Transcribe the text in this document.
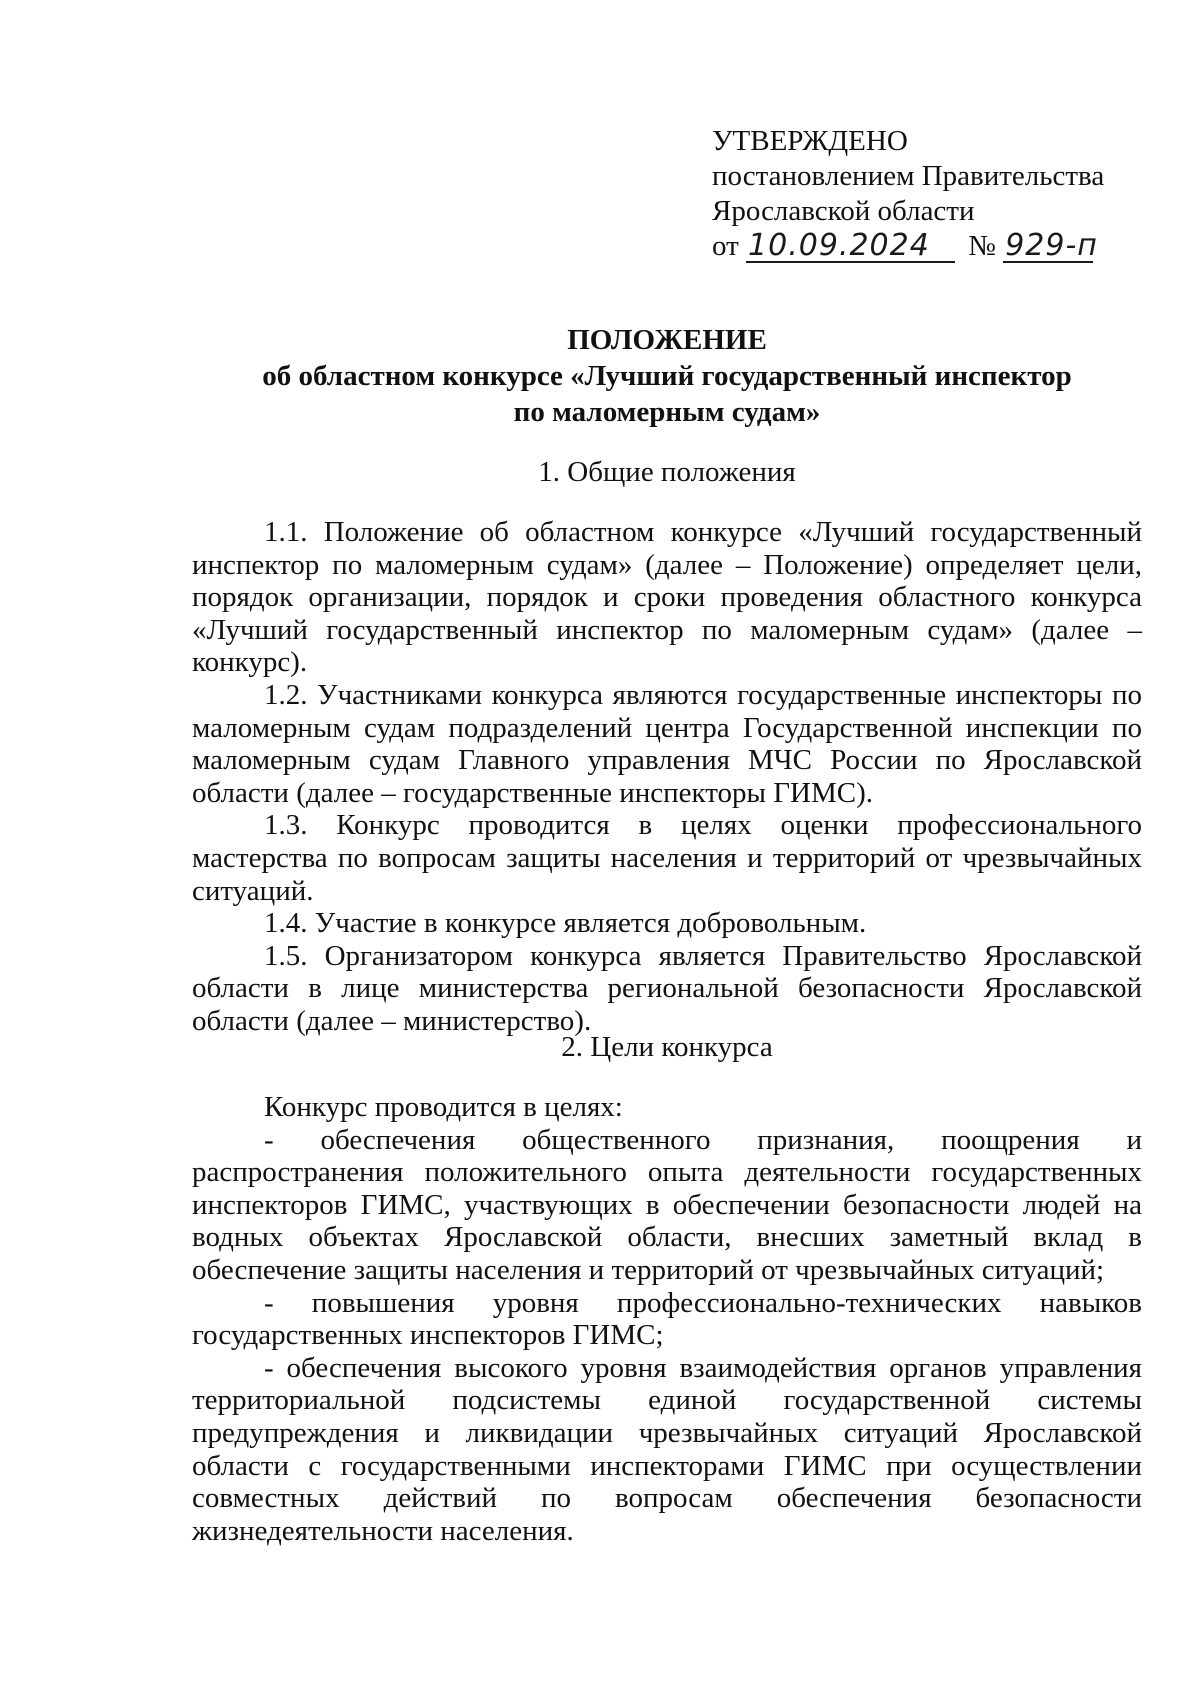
УТВЕРЖДЕНО
постановлением Правительства
Ярославской области
от 10.09.2024 № 929-п
ПОЛОЖЕНИЕ
об областном конкурсе «Лучший государственный инспектор
по маломерным судам»
1. Общие положения

1.1. Положение об областном конкурсе «Лучший государственный инспектор по маломерным судам» (далее – Положение) определяет цели, порядок организации, порядок и сроки проведения областного конкурса «Лучший государственный инспектор по маломерным судам» (далее – конкурс).

1.2. Участниками конкурса являются государственные инспекторы по маломерным судам подразделений центра Государственной инспекции по маломерным судам Главного управления МЧС России по Ярославской области (далее – государственные инспекторы ГИМС).

1.3. Конкурс проводится в целях оценки профессионального мастерства по вопросам защиты населения и территорий от чрезвычайных ситуаций.

1.4. Участие в конкурсе является добровольным.

1.5. Организатором конкурса является Правительство Ярославской области в лице министерства региональной безопасности Ярославской области (далее – министерство).

2. Цели конкурса

Конкурс проводится в целях:

- обеспечения общественного признания, поощрения и распространения положительного опыта деятельности государственных инспекторов ГИМС, участвующих в обеспечении безопасности людей на водных объектах Ярославской области, внесших заметный вклад в обеспечение защиты населения и территорий от чрезвычайных ситуаций;

- повышения уровня профессионально-технических навыков государственных инспекторов ГИМС;

- обеспечения высокого уровня взаимодействия органов управления территориальной подсистемы единой государственной системы предупреждения и ликвидации чрезвычайных ситуаций Ярославской области с государственными инспекторами ГИМС при осуществлении совместных действий по вопросам обеспечения безопасности жизнедеятельности населения.
